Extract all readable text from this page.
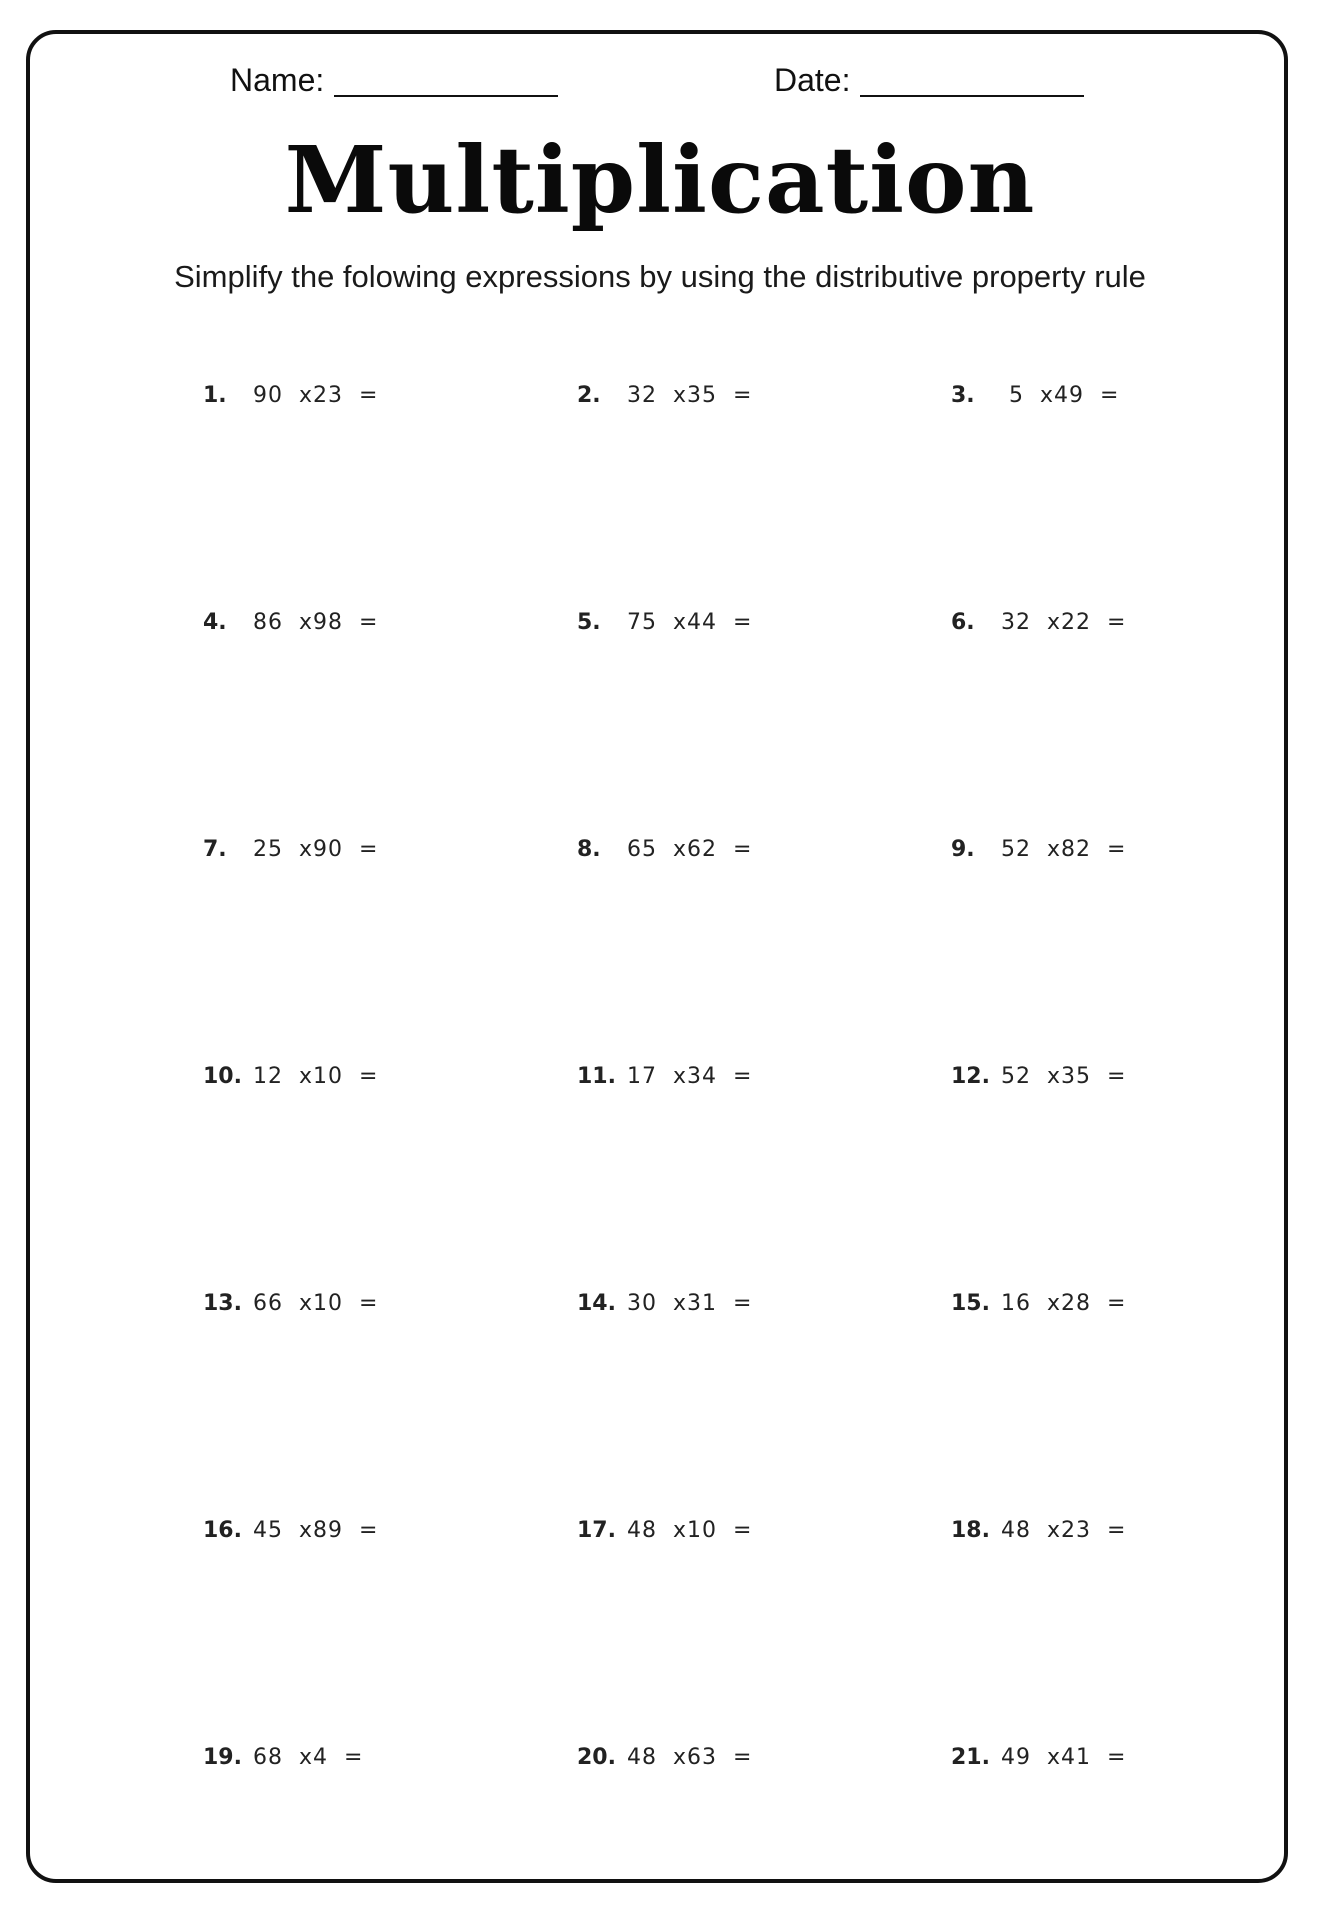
Name:	Date:
Multiplication
Simplify the folowing expressions by using the distributive property rule
1. 90  x23  =	2. 32  x35  =	3. 5  x49  =
4. 86  x98  =	5. 75  x44  =	6. 32  x22  =
7. 25  x90  =	8. 65  x62  =	9. 52  x82  =
10. 12  x10  =	11. 17  x34  =	12. 52  x35  =
13. 66  x10  =	14. 30  x31  =	15. 16  x28  =
16. 45  x89  =	17. 48  x10  =	18. 48  x23  =
19. 68  x4  =	20. 48  x63  =	21. 49  x41  =
